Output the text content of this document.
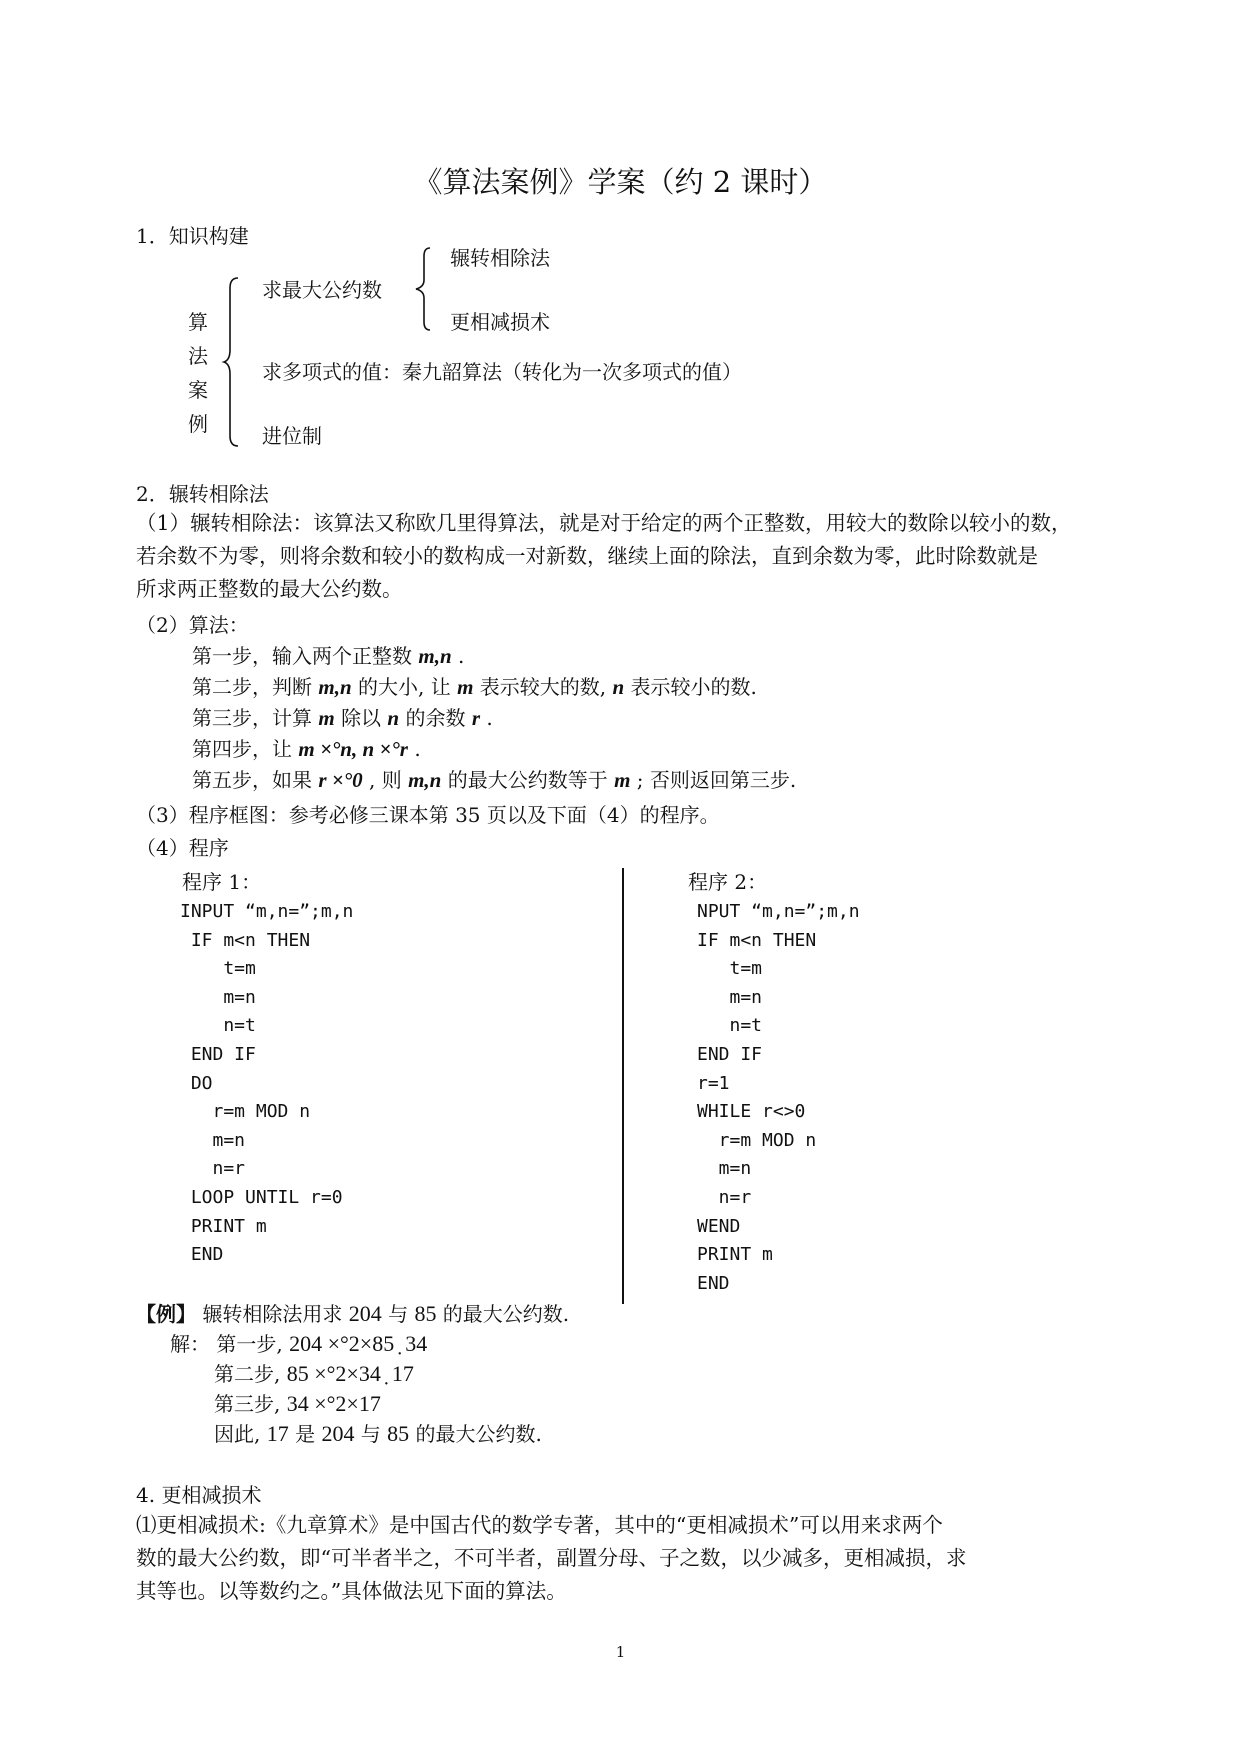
《算法案例》学案（约 2 课时）
1．知识构建
算
法
案
例
求最大公约数
辗转相除法
更相减损术
求多项式的值：秦九韶算法（转化为一次多项式的值）
进位制
2．辗转相除法
（1）辗转相除法：该算法又称欧几里得算法，就是对于给定的两个正整数，用较大的数除以较小的数，
若余数不为零，则将余数和较小的数构成一对新数，继续上面的除法，直到余数为零，此时除数就是
所求两正整数的最大公约数。
（2）算法：
第一步，输入两个正整数 m,n .
第二步，判断 m,n 的大小, 让 m 表示较大的数, n 表示较小的数.
第三步，计算 m 除以 n 的余数 r .
第四步，让 m ×°n, n ×°r .
第五步，如果 r ×°0 , 则 m,n 的最大公约数等于 m ; 否则返回第三步.
（3）程序框图：参考必修三课本第 35 页以及下面（4）的程序。
（4）程序
程序 1：
INPUT “m,n=”;m,n
IF m<n THEN
t=m
m=n
n=t
END IF
DO
r=m MOD n
m=n
n=r
LOOP UNTIL r=0
PRINT m
END
程序 2：
NPUT “m,n=”;m,n
IF m<n THEN
t=m
m=n
n=t
END IF
r=1
WHILE r<>0
r=m MOD n
m=n
n=r
WEND
PRINT m
END
【例】 辗转相除法用求 204 与 85 的最大公约数.
解： 第一步, 204 ×°2×85 ̣ 34
第二步, 85 ×°2×34 ̣ 17
第三步, 34 ×°2×17
因此, 17 是 204 与 85 的最大公约数.
4. 更相减损术
⑴更相减损术:《九章算术》是中国古代的数学专著，其中的“更相减损术”可以用来求两个
数的最大公约数，即“可半者半之，不可半者，副置分母、子之数，以少减多，更相减损，求
其等也。以等数约之。”具体做法见下面的算法。
1
